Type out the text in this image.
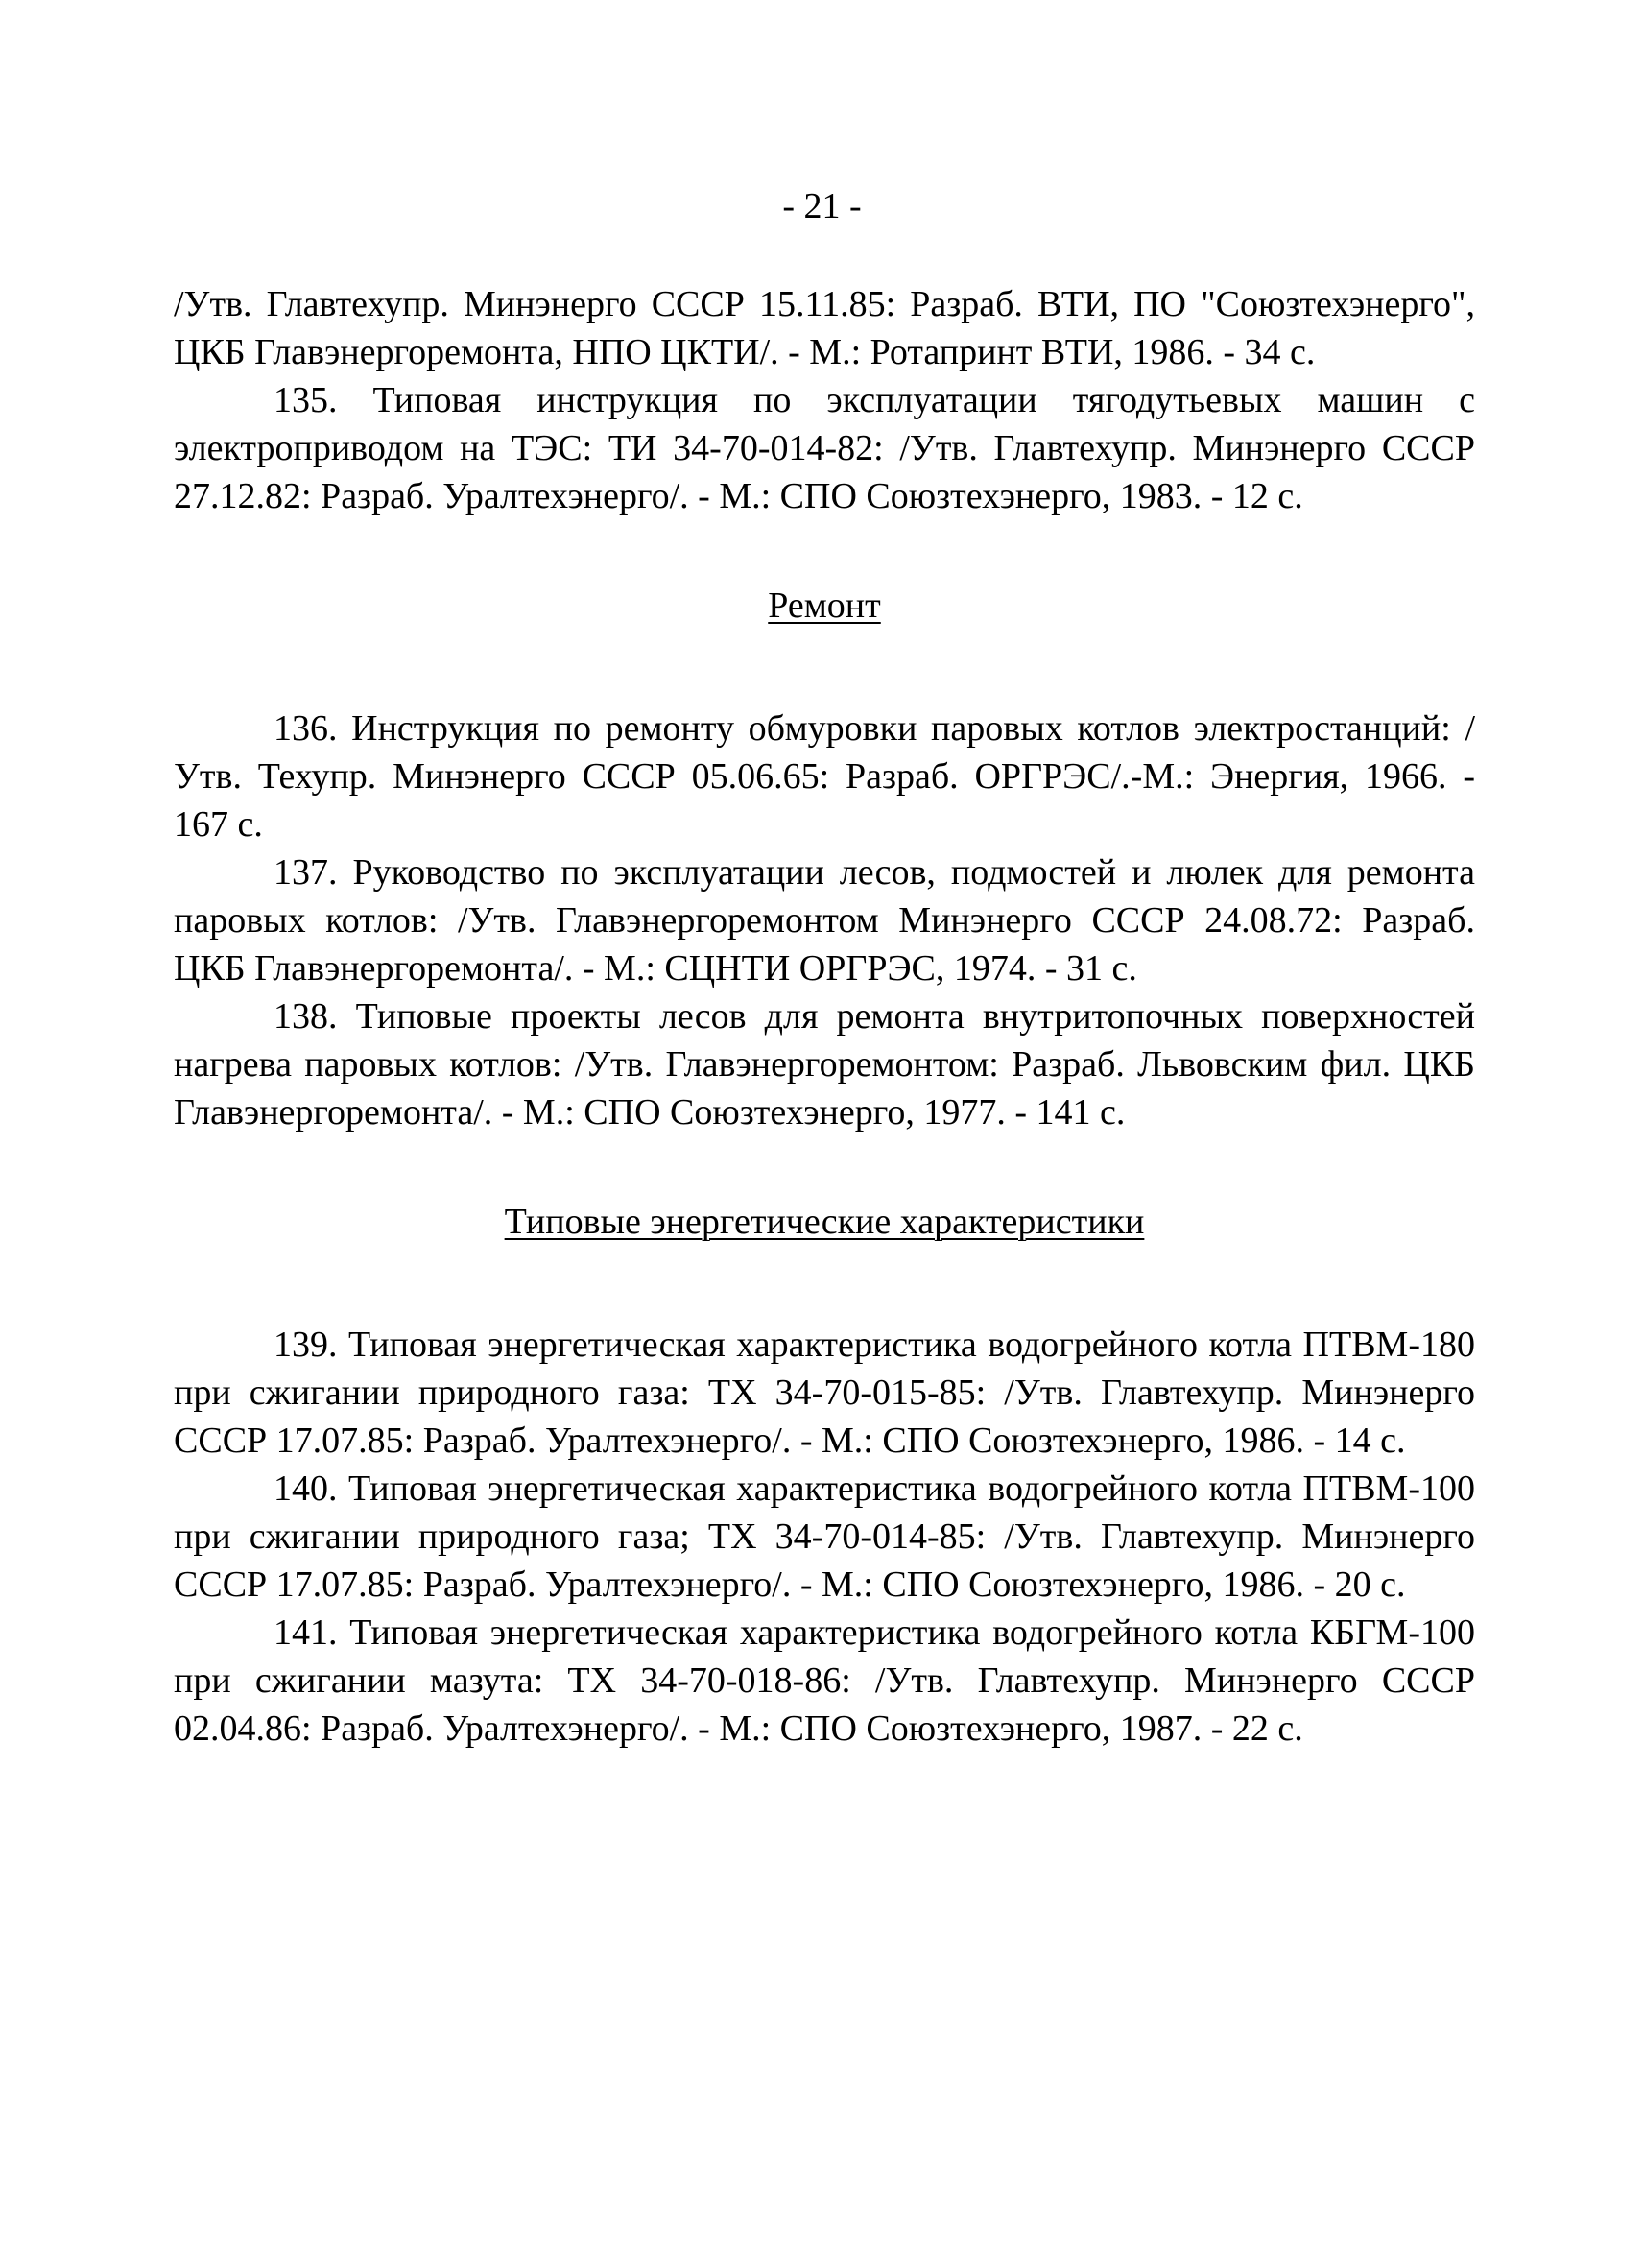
- 21 -

/Утв. Главтехупр. Минэнерго СССР 15.11.85: Разраб. ВТИ, ПО "Союзтехэнерго", ЦКБ Главэнергоремонта, НПО ЦКТИ/. - М.: Ротапринт ВТИ, 1986. - 34 с.

135. Типовая инструкция по эксплуатации тягодутьевых машин с электроприводом на ТЭС: ТИ 34-70-014-82: /Утв. Главтехупр. Минэнерго СССР 27.12.82: Разраб. Уралтехэнерго/. - М.: СПО Союзтехэнерго, 1983. - 12 с.

Ремонт

136. Инструкция по ремонту обмуровки паровых котлов электростанций: /Утв. Техупр. Минэнерго СССР 05.06.65: Разраб. ОРГРЭС/.-М.: Энергия, 1966. - 167 с.

137. Руководство по эксплуатации лесов, подмостей и люлек для ремонта паровых котлов: /Утв. Главэнергоремонтом Минэнерго СССР 24.08.72: Разраб. ЦКБ Главэнергоремонта/. - М.: СЦНТИ ОРГРЭС, 1974. - 31 с.

138. Типовые проекты лесов для ремонта внутритопочных поверхностей нагрева паровых котлов: /Утв. Главэнергоремонтом: Разраб. Львовским фил. ЦКБ Главэнергоремонта/. - М.: СПО Союзтехэнерго, 1977. - 141 с.

Типовые энергетические характеристики

139. Типовая энергетическая характеристика водогрейного котла ПТВМ-180 при сжигании природного газа: ТХ 34-70-015-85: /Утв. Главтехупр. Минэнерго СССР 17.07.85: Разраб. Уралтехэнерго/. - М.: СПО Союзтехэнерго, 1986. - 14 с.

140. Типовая энергетическая характеристика водогрейного котла ПТВМ-100 при сжигании природного газа; ТХ 34-70-014-85: /Утв. Главтехупр. Минэнерго СССР 17.07.85: Разраб. Уралтехэнерго/. - М.: СПО Союзтехэнерго, 1986. - 20 с.

141. Типовая энергетическая характеристика водогрейного котла КБГМ-100 при сжигании мазута: ТХ 34-70-018-86: /Утв. Главтехупр. Минэнерго СССР 02.04.86: Разраб. Уралтехэнерго/. - М.: СПО Союзтехэнерго, 1987. - 22 с.
